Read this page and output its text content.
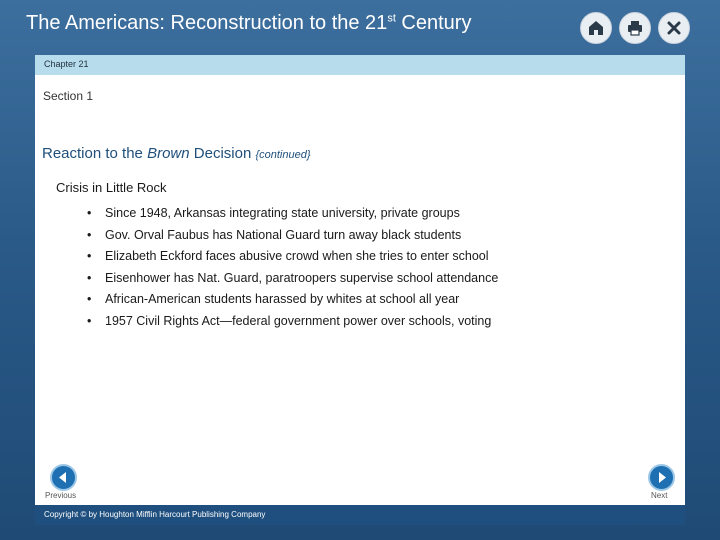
The Americans: Reconstruction to the 21st Century
Chapter 21
Section 1
Reaction to the Brown Decision {continued}
Crisis in Little Rock
• Since 1948, Arkansas integrating state university, private groups
• Gov. Orval Faubus has National Guard turn away black students
• Elizabeth Eckford faces abusive crowd when she tries to enter school
• Eisenhower has Nat. Guard, paratroopers supervise school attendance
• African-American students harassed by whites at school all year
• 1957 Civil Rights Act—federal government power over schools, voting
Previous	Next
Copyright © by Houghton Mifflin Harcourt Publishing Company
